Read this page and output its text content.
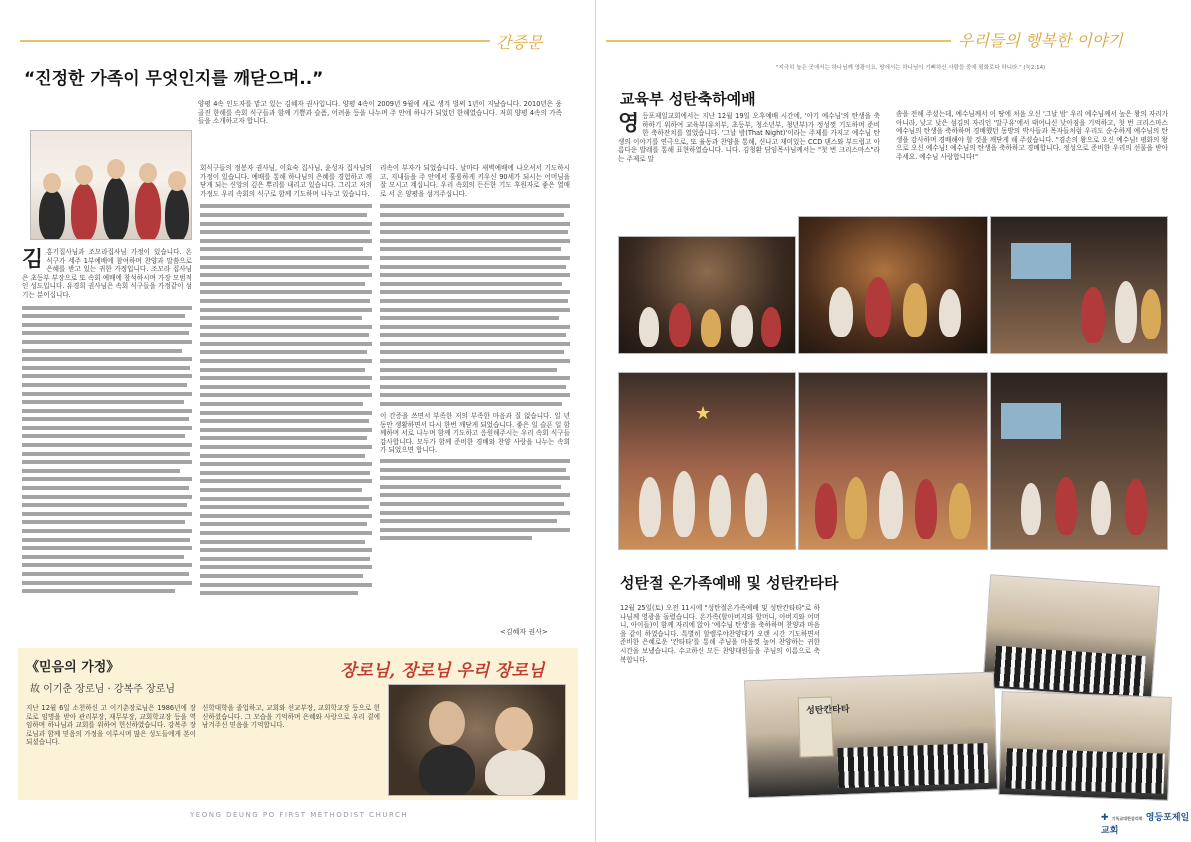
간증문
“진정한 가족이 무엇인지를 깨닫으며..”
양평 4속 인도자를 맡고 있는 김혜자 권사입니다. 양평 4속이 2009년 9월에 새로 생겨 벌써 1년이 지났습니다. 2010년은 웅골진 한해를 속회 식구들과 함께 기쁨과 슬픔, 어려움 등을 나누며 주 안에 하나가 되었던 한해였습니다. 저희 양평 4속의 가족들을 소개하고자 합니다.
김 홍기집사님과 조모라집사님 가정이 있습니다. 온 식구가 세주 1부예배에 참여하며 찬양과 말씀으로 은혜를 받고 있는 귀한 가정입니다. 조모라 집사님은 초등부 부장으로 또 속회 예배에 참석하시며 가장 모범적인 성도입니다. 유경희 권사님은 속회 식구들을 가정같이 섬기는 분이십니다.
회식구들의 정봉자 권사님, 이효숙 집사님, 윤성자 집사님의 가정이 있습니다. 예배를 통해 하나님의 은혜를 경험하고 깨닫게 되는 신앙의 깊은 뿌리를 내리고 있습니다. 그리고 저의 가정도 우리 속회의 식구로 함께 기도하며 나누고 있습니다.
리속이 부자가 되었습니다. 날마다 새벽예배에 나오셔서 기도하시고, 지내들을 주 안에서 훌륭하게 키우신 90세가 되시는 어머님을 잘 모시고 계십니다. 우리 속회의 든든한 기도 후원자로 좋은 열매로 서 온 양평을 섬겨주십니다.
이 간증을 쓰면서 부족한 저의 부족한 마음과 질 없습니다. 일 년 동안 생활하면서 다시 한번 깨닫게 되었습니다. 좋은 일 슬픈 일 함께하며 서로 나누며 함께 기도하고 응원해주시는 우리 속회 식구들 감사합니다. 모두가 함께 준비한 경배와 찬양 사랑을 나누는 속회가 되었으면 합니다.
<김혜자 권사>
《믿음의 가정》
故 이기춘 장로님 · 강복주 장로님
장로님, 장로님 우리 장로님
지난 12월 6일 소천하신 고 이기춘장로님은 1986년에 장로로 임명을 받아 관리부장, 재무부장, 교회학교장 등을 역임하며 하나님과 교회를 위하여 헌신하였습니다. 강복주 장로님과 함께 믿음의 가정을 이루시며 많은 성도들에게 본이 되셨습니다.
신학대학을 졸업하고, 교회와 선교부장, 교회학교장 등으로 헌신하셨습니다. 그 모습을 기억하며 은혜와 사랑으로 우리 곁에 남겨주신 믿음을 기억합니다.
YEONG DEUNG PO FIRST METHODIST CHURCH
우리들의 행복한 이야기
"지극히 높은 곳에서는 하나님께 영광이요, 땅에서는 하나님이 기뻐하신 사람들 중에 평화로다 하니라." (눅2:14)
교육부 성탄축하예배
영등포제일교회에서는 지난 12월 19일 오후예배 시간에, '아기 예수님'의 탄생을 축하하기 위하여 교육부(유치부, 초등부, 청소년부, 청년부)가 정성껏 기도하며 준비한 축하잔치를 열었습니다. '그날 밤(That Night)'이라는 주제를 가지고 예수님 탄생의 이야기를 연극으로, 또 율동과 찬양을 통해, 신나고 재미있는 CCD 댄스와 부드럽고 아름다운 발레를 통해 표현하였습니다. 니다. 김청환 담임목사님께서는 "첫 번 크리스마스"라는 주제로 말
솜을 전해 주셨는데, 예수님께서 이 땅에 처음 오신 '그날 밤' 우리 예수님께서 높은 왕의 자리가 아니라, 낮고 낮은 섬김의 자리인 '말구유'에서 태어나신 낮아짐을 기억하고, 첫 번 크리스마스 예수님의 탄생을 축하하며 경배했던 동방의 박사들과 목자들처럼 우리도 순수하게 예수님의 탄생을 감사하며 경배해야 할 것을 깨닫게 해 주셨습니다. "겸손의 왕으로 오신 예수님! 평화의 왕으로 오신 예수님! 예수님의 탄생을 축하하고 경배합니다. 정성으로 준비한 우리의 선물을 받아주세요. 예수님 사랑합니다!"
★
성탄절 온가족예배 및 성탄칸타타
12월 25일(토) 오전 11시에 "성탄절온가족예배 및 성탄칸타타"로 하나님께 영광을 돌렸습니다. 온가족(할아버지와 할머니, 아버지와 어머니, 아이들)이 함께 자리에 앉아 '예수님 탄생'을 축하하며 찬양과 마음을 같이 하였습니다. 특별히 할렐루야찬양대가 오랜 시간 기도하면서 준비한 은혜로운 '칸타타'를 통해 주님을 마음껏 높여 찬양하는 귀한 시간을 보냈습니다. 수고하신 모든 찬양대원들을 주님의 이름으로 축복합니다.
성탄칸타타
✚ 기독교대한감리회 영등포제일교회
